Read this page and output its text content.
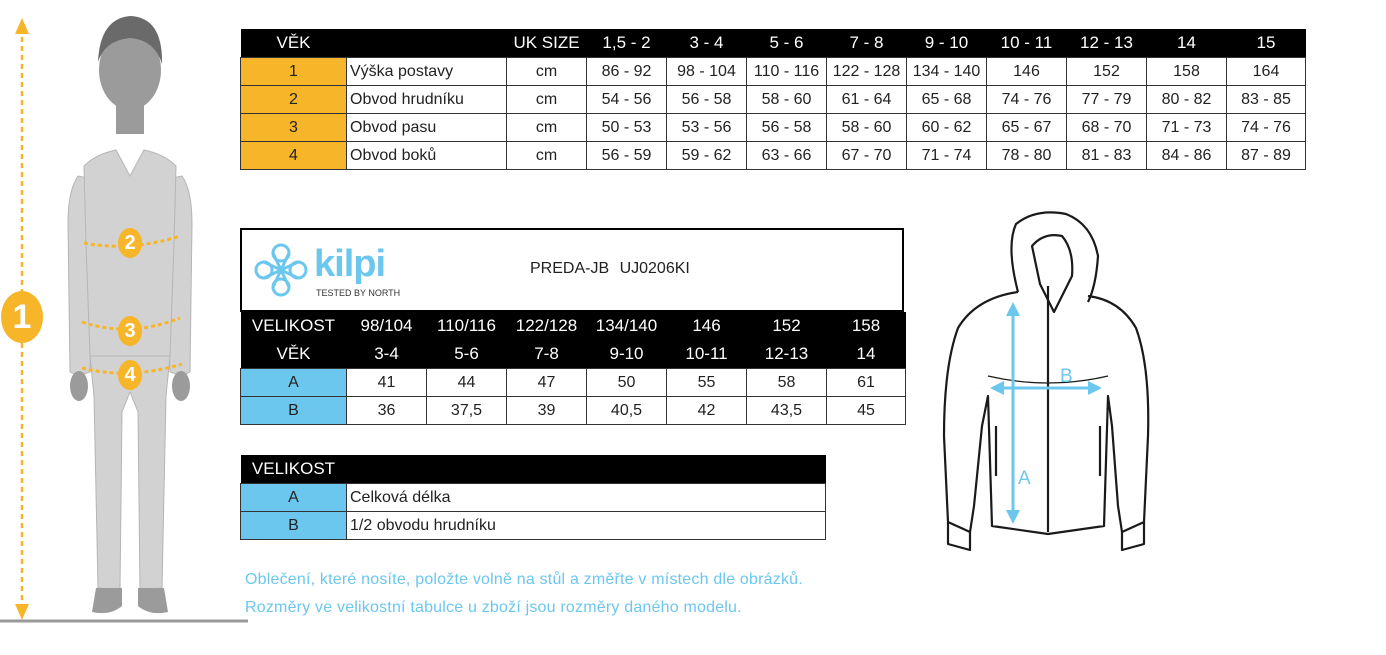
1
2
3
4
VĚK		UK SIZE	1,5 - 2	3 - 4	5 - 6	7 - 8	9 - 10	10 - 11	12 - 13	14	15
1	Výška postavy	cm	86 - 92	98 - 104	110 - 116	122 - 128	134 - 140	146	152	158	164
2	Obvod hrudníku	cm	54 - 56	56 - 58	58 - 60	61 - 64	65 - 68	74 - 76	77 - 79	80 - 82	83 - 85
3	Obvod pasu	cm	50 - 53	53 - 56	56 - 58	58 - 60	60 - 62	65 - 67	68 - 70	71 - 73	74 - 76
4	Obvod boků	cm	56 - 59	59 - 62	63 - 66	67 - 70	71 - 74	78 - 80	81 - 83	84 - 86	87 - 89
kilpi
TESTED BY NORTH
PREDA-JB UJ0206KI
VELIKOST	98/104	110/116	122/128	134/140	146	152	158
VĚK	3-4	5-6	7-8	9-10	10-11	12-13	14
A	41	44	47	50	55	58	61
B	36	37,5	39	40,5	42	43,5	45
VELIKOST	
A	Celková délka
B	1/2 obvodu hrudníku
A
B
Oblečení, které nosíte, položte volně na stůl a změřte v místech dle obrázků.
Rozměry ve velikostní tabulce u zboží jsou rozměry daného modelu.
